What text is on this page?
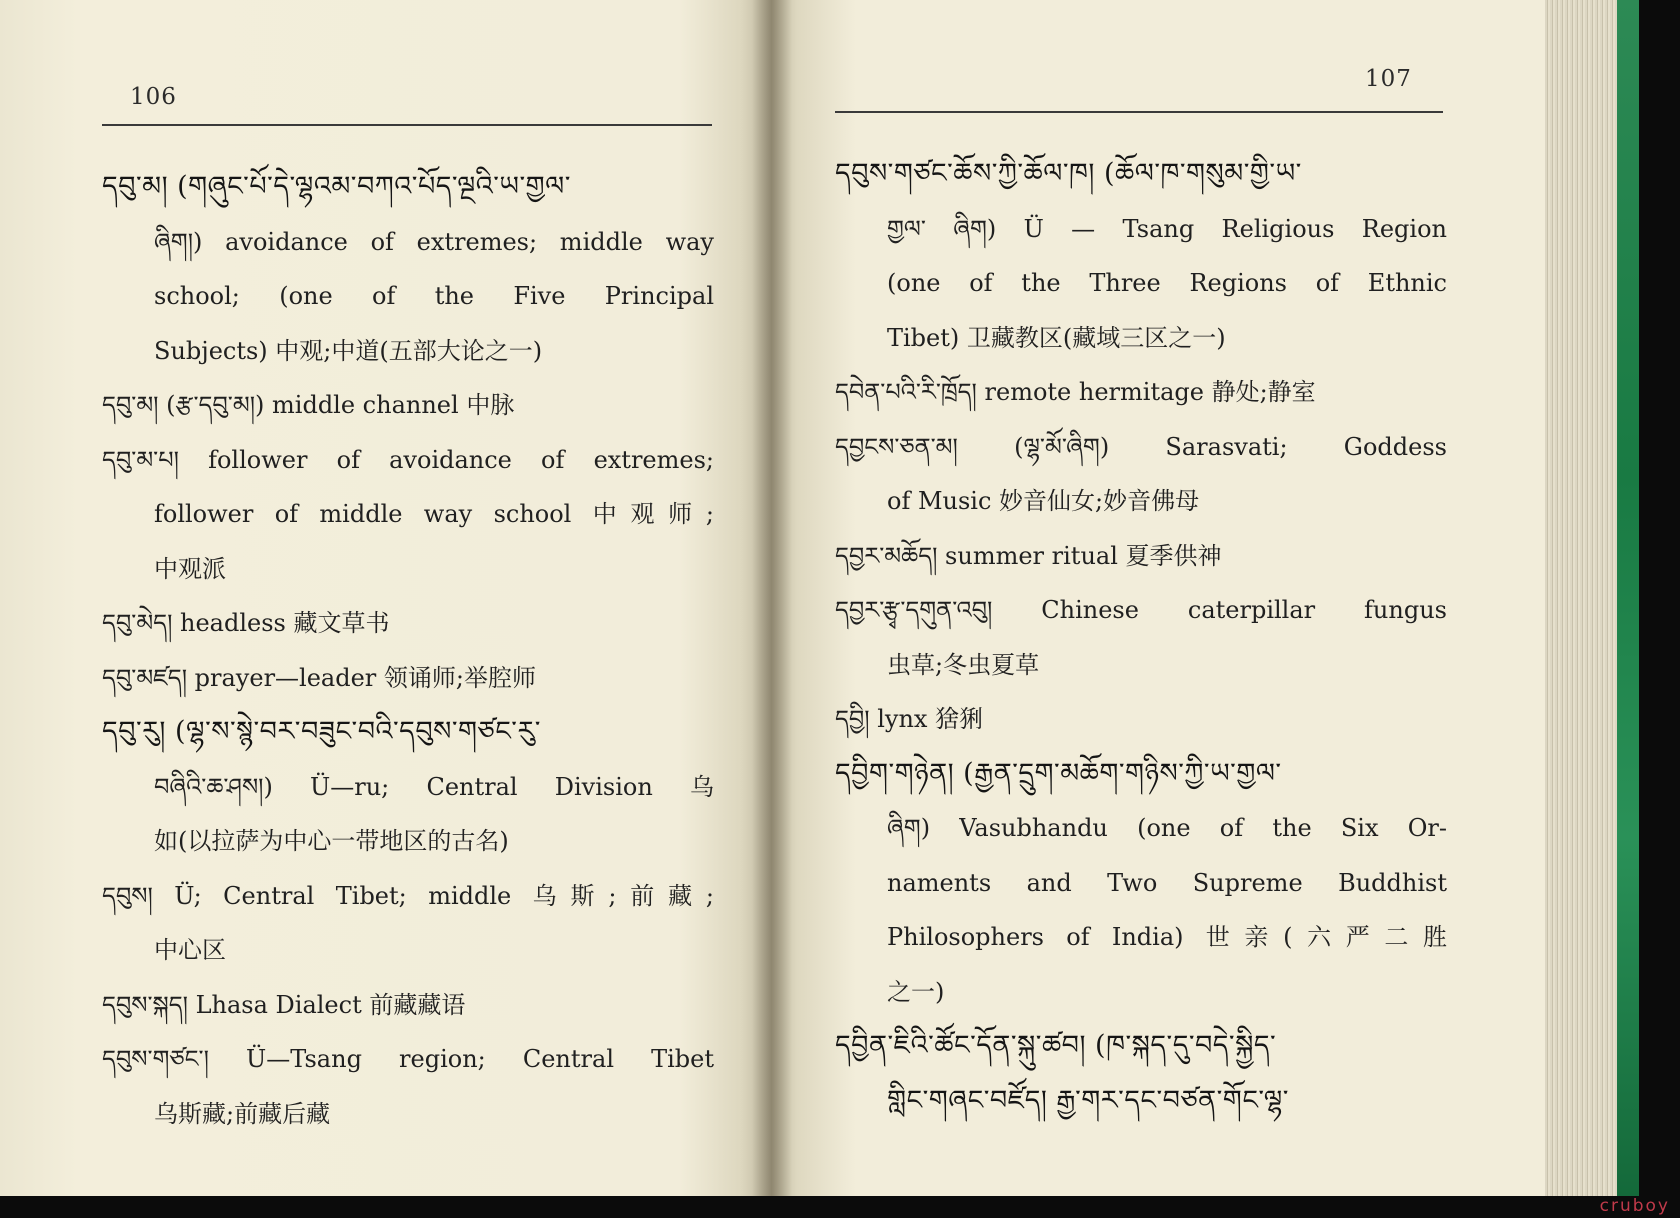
106
107
དབུ་མ། (གཞུང་པོ་དེ་ལྷའམ་བཀའ་པོད་ལྔའི་ཡ་གྱལ་
ཞིག།) avoidance of extremes; middle way
school; (one of the Five Principal
Subjects) 中观;中道(五部大论之一)
དབུ་མ། (རྩ་དབུ་མ།) middle channel 中脉
དབུ་མ་པ། follower of avoidance of extremes;
follower of middle way school 中观师;
中观派
དབུ་མེད། headless 藏文草书
དབུ་མཛད། prayer—leader 领诵师;举腔师
དབུ་རུ། (ལྷ་ས་སྙེ་བར་བཟུང་བའི་དབུས་གཙང་རུ་
བཞིའི་ཆ་ཤས།) Ü—ru; Central Division 乌
如(以拉萨为中心一带地区的古名)
དབུས། Ü; Central Tibet; middle 乌斯;前藏;
中心区
དབུས་སྐད། Lhasa Dialect 前藏藏语
དབུས་གཙང་། Ü—Tsang region; Central Tibet
乌斯藏;前藏后藏
དབུས་གཙང་ཆོས་ཀྱི་ཆོལ་ཁ། (ཆོལ་ཁ་གསུམ་གྱི་ཡ་
གྱལ་ ཞིག) Ü — Tsang Religious Region
(one of the Three Regions of Ethnic
Tibet) 卫藏教区(藏域三区之一)
དབེན་པའི་རི་ཁྲོད། remote hermitage 静处;静室
དབྱངས་ཅན་མ། (ལྷ་མོ་ཞིག) Sarasvati; Goddess
of Music 妙音仙女;妙音佛母
དབྱར་མཆོད། summer ritual 夏季供神
དབྱར་རྩྭ་དགུན་འབུ། Chinese caterpillar fungus
虫草;冬虫夏草
དབྱི། lynx 猞猁
དབྱིག་གཉེན། (རྒྱན་དྲུག་མཆོག་གཉིས་ཀྱི་ཡ་གྱལ་
ཞིག) Vasubhandu (one of the Six Or-
naments and Two Supreme Buddhist
Philosophers of India) 世亲(六严二胜
之一)
དབྱིན་ཇིའི་ཚོང་དོན་སྐུ་ཚབ། (ཁ་སྐད་དུ་བདེ་སྐྱིད་
གླིང་གཞང་བཛོད། རྒྱ་གར་དང་བཙན་གོང་ལྷ་
cruboy
